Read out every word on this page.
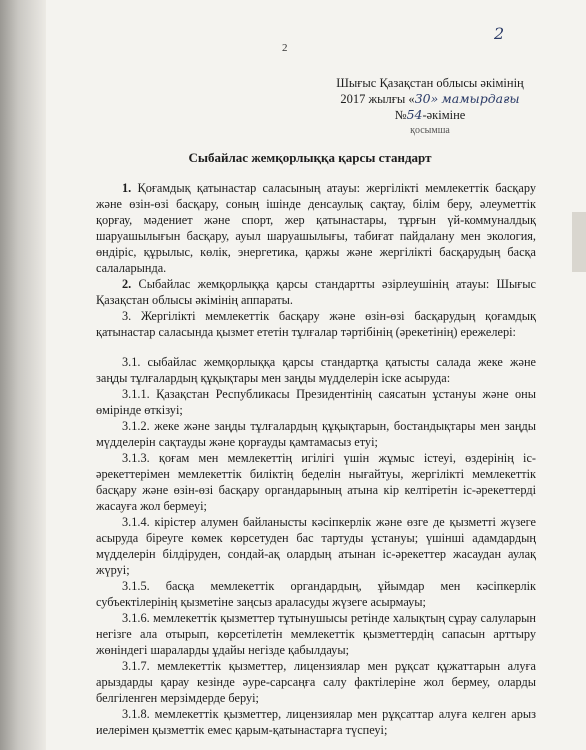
2
2
Шығыс Қазақстан облысы әкімінің
2017 жылғы «30» мамырдағы
№54-әкіміне
қосымша
Сыбайлас жемқорлыққа қарсы стандарт

1. Қоғамдық қатынастар саласының атауы: жергілікті мемлекеттік басқару және өзін-өзі басқару, соның ішінде денсаулық сақтау, білім беру, әлеуметтік қорғау, мәдениет және спорт, жер қатынастары, тұрғын үй-коммуналдық шаруашылығын басқару, ауыл шаруашылығы, табиғат пайдалану мен экология, өндіріс, құрылыс, көлік, энергетика, қаржы және жергілікті басқарудың басқа салаларында.

2. Сыбайлас жемқорлыққа қарсы стандартты әзірлеушінің атауы: Шығыс Қазақстан облысы әкімінің аппараты.

3. Жергілікті мемлекеттік басқару және өзін-өзі басқарудың қоғамдық қатынастар саласында қызмет ететін тұлғалар тәртібінің (әрекетінің) ережелері:

3.1. сыбайлас жемқорлыққа қарсы стандартқа қатысты салада жеке және заңды тұлғалардың құқықтары мен заңды мүдделерін іске асыруда:

3.1.1. Қазақстан Республикасы Президентінің саясатын ұстануы және оны өмірінде өткізуі;

3.1.2. жеке және заңды тұлғалардың құқықтарын, бостандықтары мен заңды мүдделерін сақтауды және қорғауды қамтамасыз етуі;

3.1.3. қоғам мен мемлекеттің игілігі үшін жұмыс істеуі, өздерінің іс-әрекеттерімен мемлекеттік биліктің беделін нығайтуы, жергілікті мемлекеттік басқару және өзін-өзі басқару органдарының атына кір келтіретін іс-әрекеттерді жасауға жол бермеуі;

3.1.4. кірістер алумен байланысты кәсіпкерлік және өзге де қызметті жүзеге асыруда біреуге көмек көрсетуден бас тартуды ұстануы; үшінші адамдардың мүдделерін білдіруден, сондай-ақ олардың атынан іс-әрекеттер жасаудан аулақ жүруі;

3.1.5. басқа мемлекеттік органдардың, ұйымдар мен кәсіпкерлік субъектілерінің қызметіне заңсыз араласуды жүзеге асырмауы;

3.1.6. мемлекеттік қызметтер тұтынушысы ретінде халықтың сұрау салуларын негізге ала отырып, көрсетілетін мемлекеттік қызметтердің сапасын арттыру жөніндегі шараларды ұдайы негізде қабылдауы;

3.1.7. мемлекеттік қызметтер, лицензиялар мен рұқсат құжаттарын алуға арыздарды қарау кезінде әуре-сарсаңға салу фактілеріне жол бермеу, оларды белгіленген мерзімдерде беруі;

3.1.8. мемлекеттік қызметтер, лицензиялар мен рұқсаттар алуға келген арыз иелерімен қызметтік емес қарым-қатынастарға түспеуі;
